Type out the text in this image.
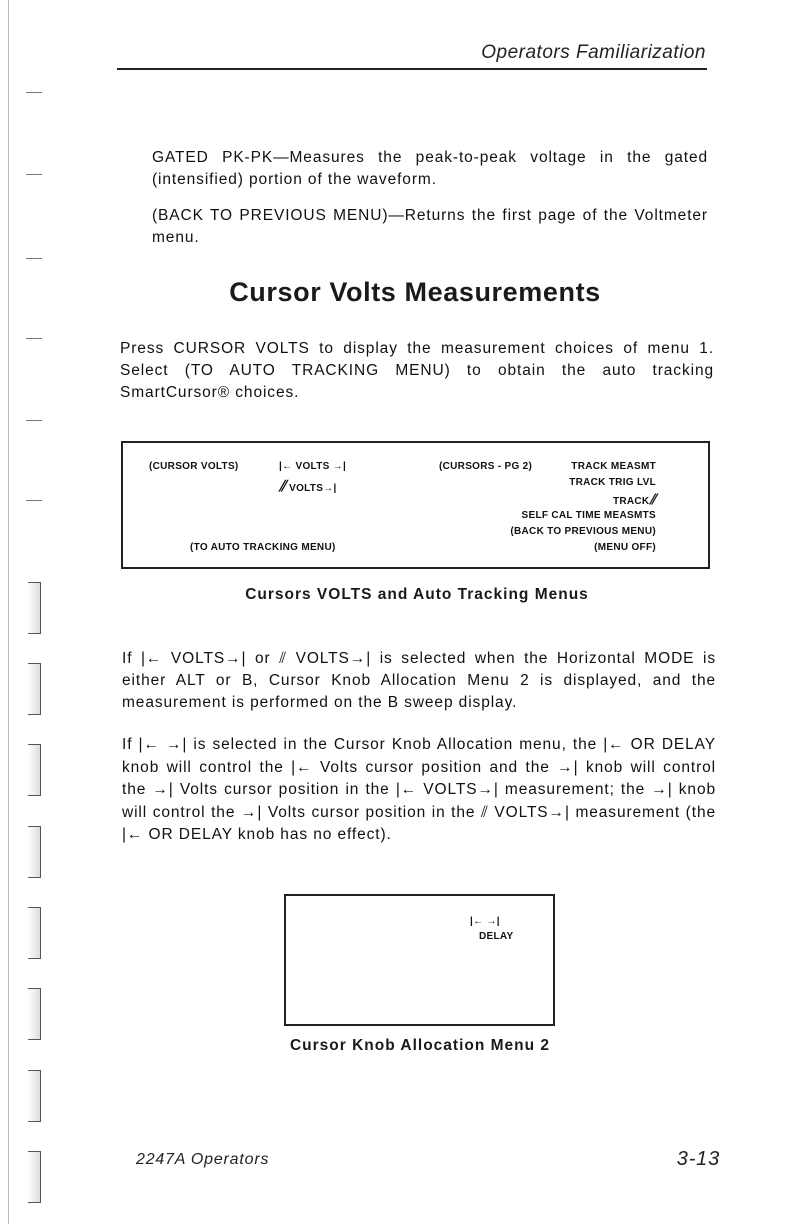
Operators Familiarization
GATED PK-PK—Measures the peak-to-peak voltage in the gated (intensified) portion of the waveform.
(BACK TO PREVIOUS MENU)—Returns the first page of the Voltmeter menu.
Cursor Volts Measurements
Press CURSOR VOLTS to display the measurement choices of menu 1. Select (TO AUTO TRACKING MENU) to obtain the auto tracking SmartCursor® choices.
(CURSOR VOLTS)	|← VOLTS →|
⫽ VOLTS→|
(TO AUTO TRACKING MENU)
(CURSORS - PG 2)	TRACK MEASMT
TRACK TRIG LVL
TRACK⫽
SELF CAL TIME MEASMTS
(BACK TO PREVIOUS MENU)
(MENU OFF)
Cursors VOLTS and Auto Tracking Menus
If |← VOLTS→| or ⫽ VOLTS→| is selected when the Horizontal MODE is either ALT or B, Cursor Knob Allocation Menu 2 is displayed, and the measurement is performed on the B sweep display.
If |← →| is selected in the Cursor Knob Allocation menu, the |← OR DELAY knob will control the |← Volts cursor position and the →| knob will control the →| Volts cursor position in the |← VOLTS→| measurement; the →| knob will control the →| Volts cursor position in the ⫽ VOLTS→| measurement (the |← OR DELAY knob has no effect).
|← →|
DELAY
Cursor Knob Allocation Menu 2
2247A Operators	3-13
